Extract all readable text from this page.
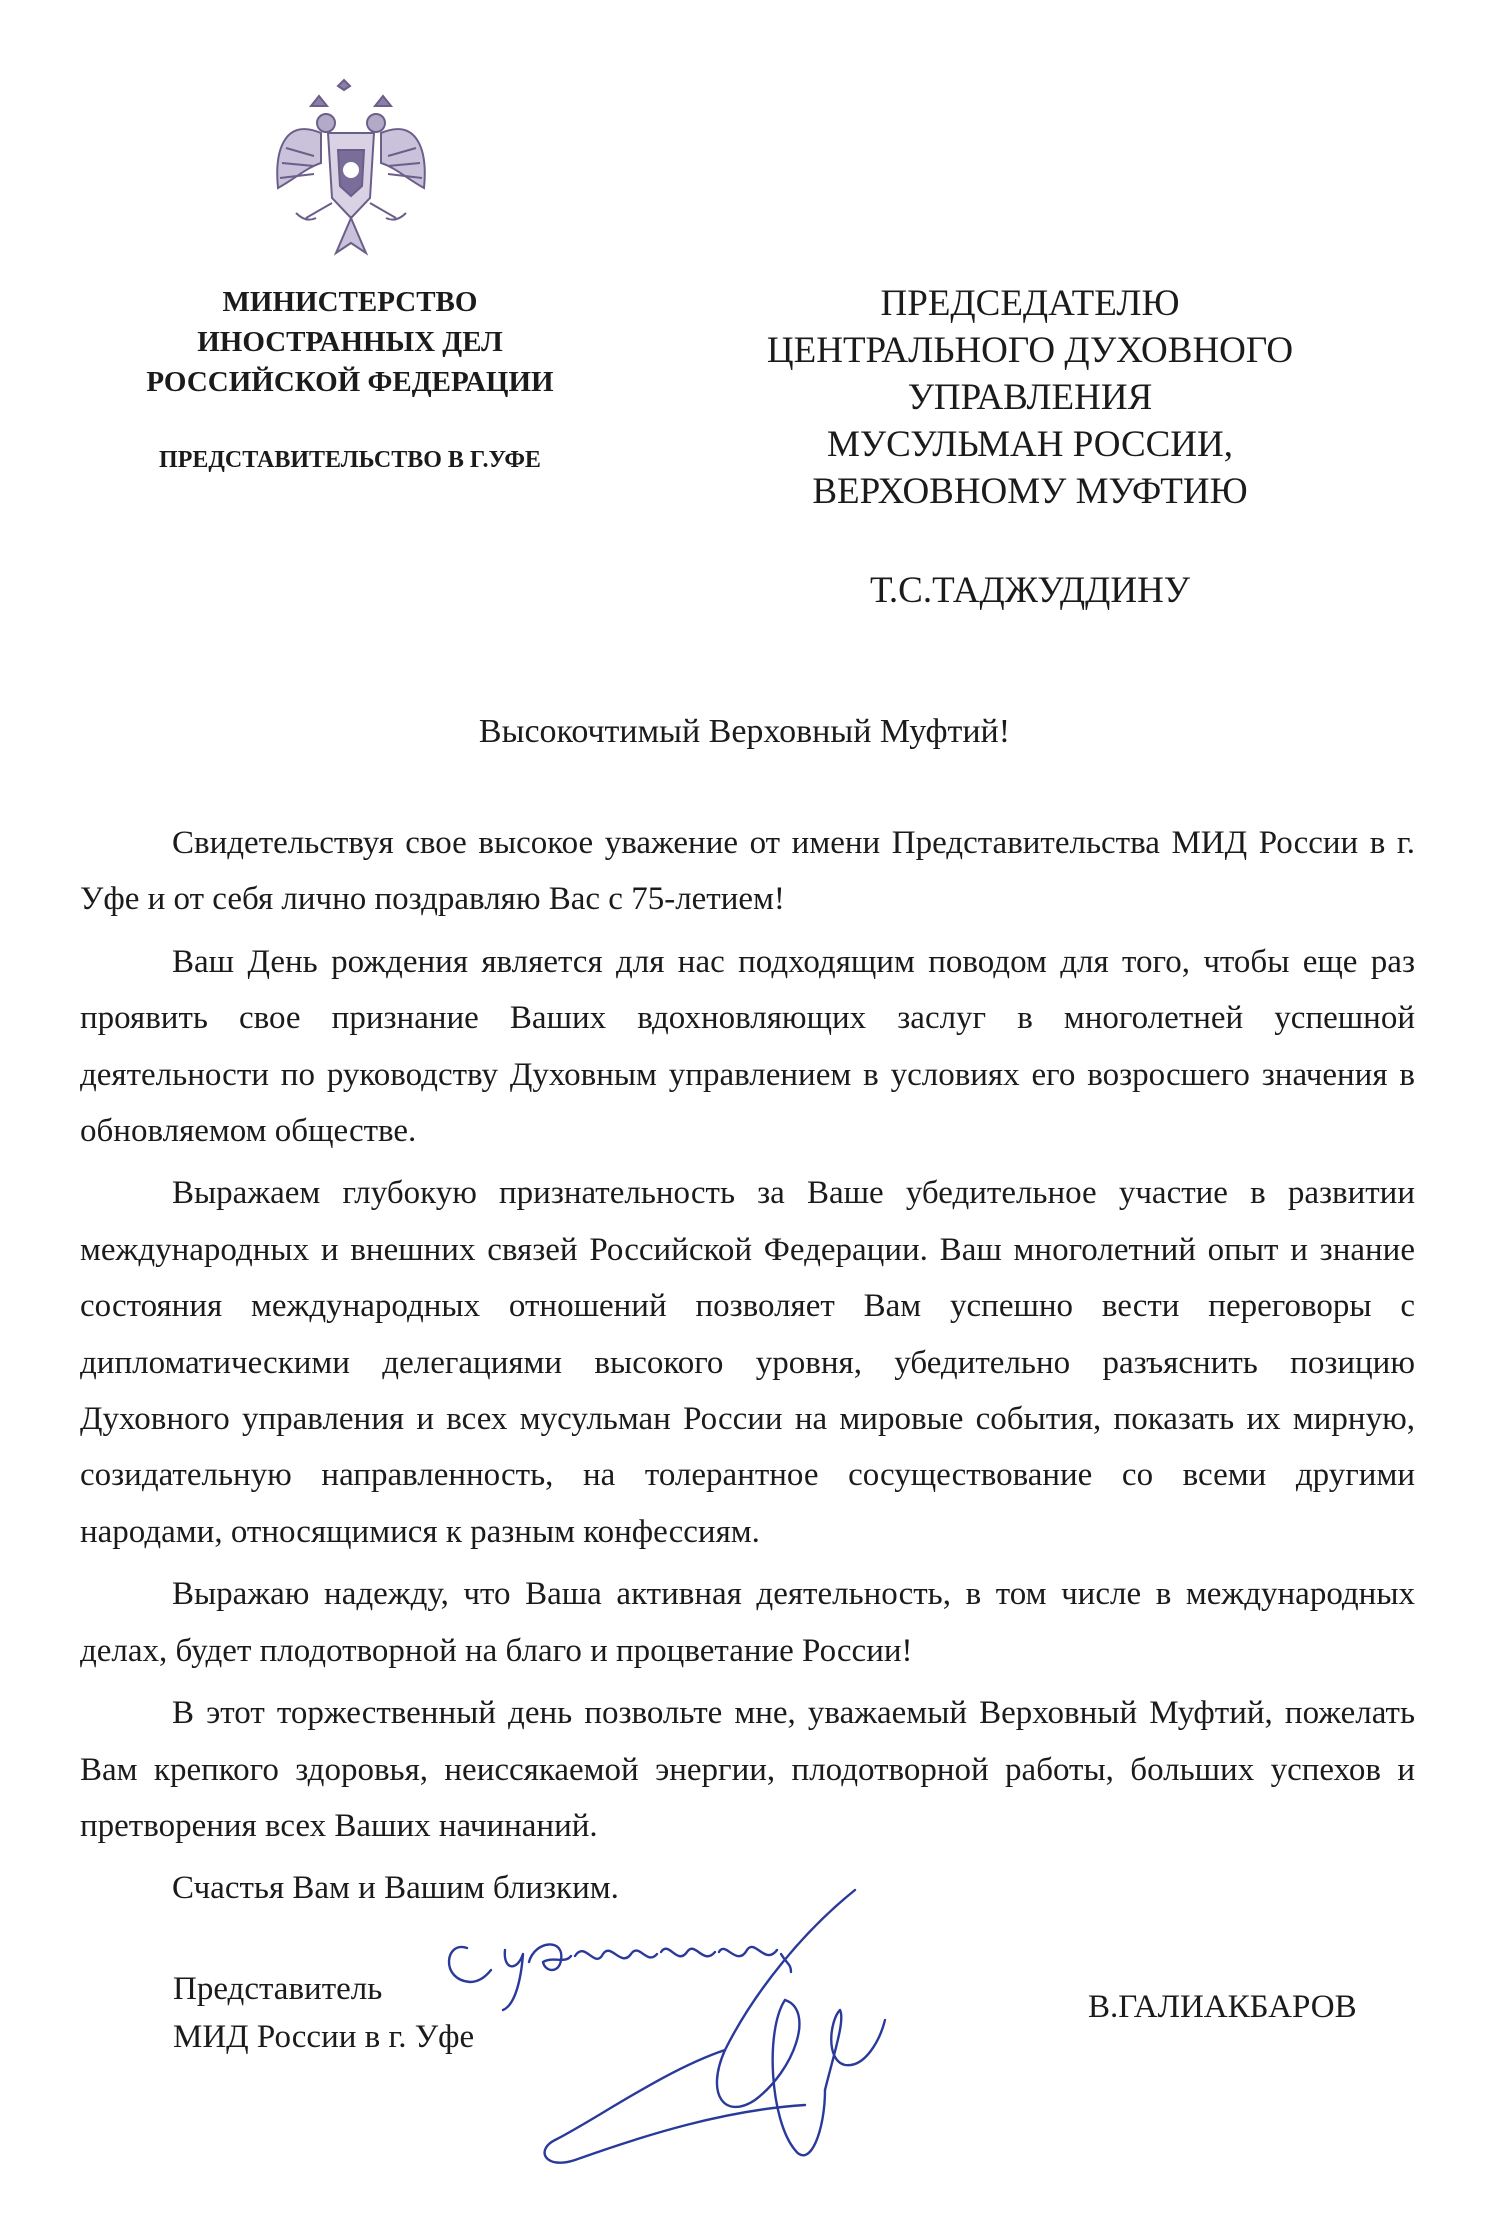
МИНИСТЕРСТВО
ИНОСТРАННЫХ ДЕЛ
РОССИЙСКОЙ ФЕДЕРАЦИИ
ПРЕДСТАВИТЕЛЬСТВО В Г.УФЕ
ПРЕДСЕДАТЕЛЮ
ЦЕНТРАЛЬНОГО ДУХОВНОГО
УПРАВЛЕНИЯ
МУСУЛЬМАН РОССИИ,
ВЕРХОВНОМУ МУФТИЮ
Т.С.ТАДЖУДДИНУ
Высокочтимый Верховный Муфтий!

Свидетельствуя свое высокое уважение от имени Представительства МИД России в г. Уфе и от себя лично поздравляю Вас с 75-летием!

Ваш День рождения является для нас подходящим поводом для того, чтобы еще раз проявить свое признание Ваших вдохновляющих заслуг в многолетней успешной деятельности по руководству Духовным управлением в условиях его возросшего значения в обновляемом обществе.

Выражаем глубокую признательность за Ваше убедительное участие в развитии международных и внешних связей Российской Федерации. Ваш многолетний опыт и знание состояния международных отношений позволяет Вам успешно вести переговоры с дипломатическими делегациями высокого уровня, убедительно разъяснить позицию Духовного управления и всех мусульман России на мировые события, показать их мирную, созидательную направленность, на толерантное сосуществование со всеми другими народами, относящимися к разным конфессиям.

Выражаю надежду, что Ваша активная деятельность, в том числе в международных делах, будет плодотворной на благо и процветание России!

В этот торжественный день позвольте мне, уважаемый Верховный Муфтий, пожелать Вам крепкого здоровья, неиссякаемой энергии, плодотворной работы, больших успехов и претворения всех Ваших начинаний.

Счастья Вам и Вашим близким.

Представитель
МИД России в г. Уфе
В.ГАЛИАКБАРОВ
